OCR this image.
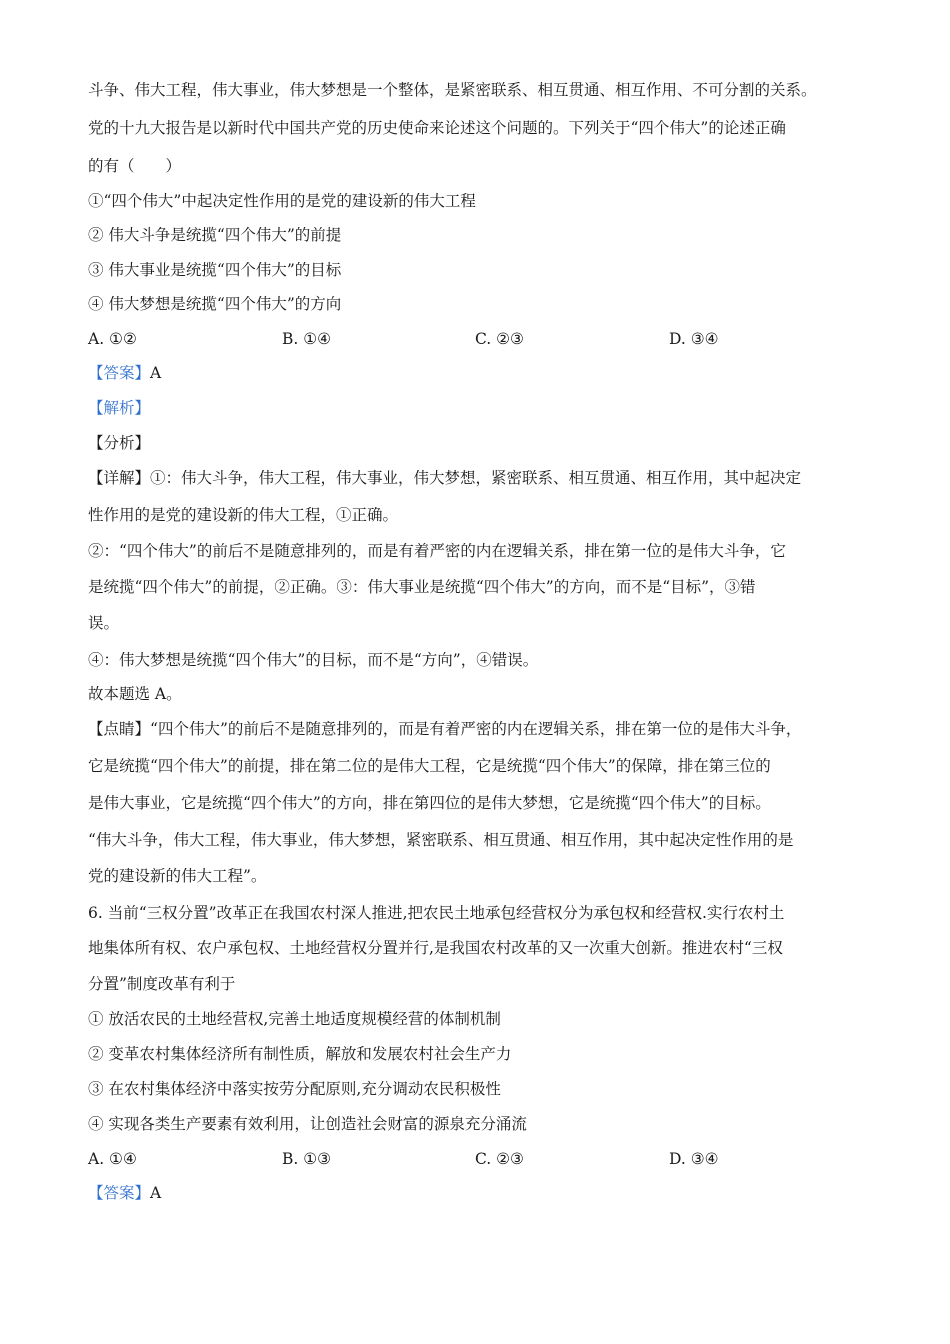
斗争、伟大工程，伟大事业，伟大梦想是一个整体，是紧密联系、相互贯通、相互作用、不可分割的关系。
党的十九大报告是以新时代中国共产党的历史使命来论述这个问题的。下列关于“四个伟大”的论述正确
的有（　　）
①“四个伟大”中起决定性作用的是党的建设新的伟大工程
② 伟大斗争是统揽“四个伟大”的前提
③ 伟大事业是统揽“四个伟大”的目标
④ 伟大梦想是统揽“四个伟大”的方向
A. ①②	B. ①④	C. ②③	D. ③④
【答案】A
【解析】
【分析】
【详解】①：伟大斗争，伟大工程，伟大事业，伟大梦想，紧密联系、相互贯通、相互作用，其中起决定
性作用的是党的建设新的伟大工程，①正确。
②：“四个伟大”的前后不是随意排列的，而是有着严密的内在逻辑关系，排在第一位的是伟大斗争，它
是统揽“四个伟大”的前提，②正确。③：伟大事业是统揽“四个伟大”的方向，而不是“目标”，③错
误。
④：伟大梦想是统揽“四个伟大”的目标，而不是“方向”，④错误。
故本题选 A。
【点睛】“四个伟大”的前后不是随意排列的，而是有着严密的内在逻辑关系，排在第一位的是伟大斗争，
它是统揽“四个伟大”的前提，排在第二位的是伟大工程，它是统揽“四个伟大”的保障，排在第三位的
是伟大事业，它是统揽“四个伟大”的方向，排在第四位的是伟大梦想，它是统揽“四个伟大”的目标。
“伟大斗争，伟大工程，伟大事业，伟大梦想，紧密联系、相互贯通、相互作用，其中起决定性作用的是
党的建设新的伟大工程”。
6. 当前“三权分置”改革正在我国农村深人推进,把农民土地承包经营权分为承包权和经营权.实行农村土
地集体所有权、农户承包权、土地经营权分置并行,是我国农村改革的又一次重大创新。推进农村“三权
分置”制度改革有利于
① 放活农民的土地经营权,完善土地适度规模经营的体制机制
② 变革农村集体经济所有制性质，解放和发展农村社会生产力
③ 在农村集体经济中落实按劳分配原则,充分调动农民积极性
④ 实现各类生产要素有效利用，让创造社会财富的源泉充分涌流
A. ①④	B. ①③	C. ②③	D. ③④
【答案】A
